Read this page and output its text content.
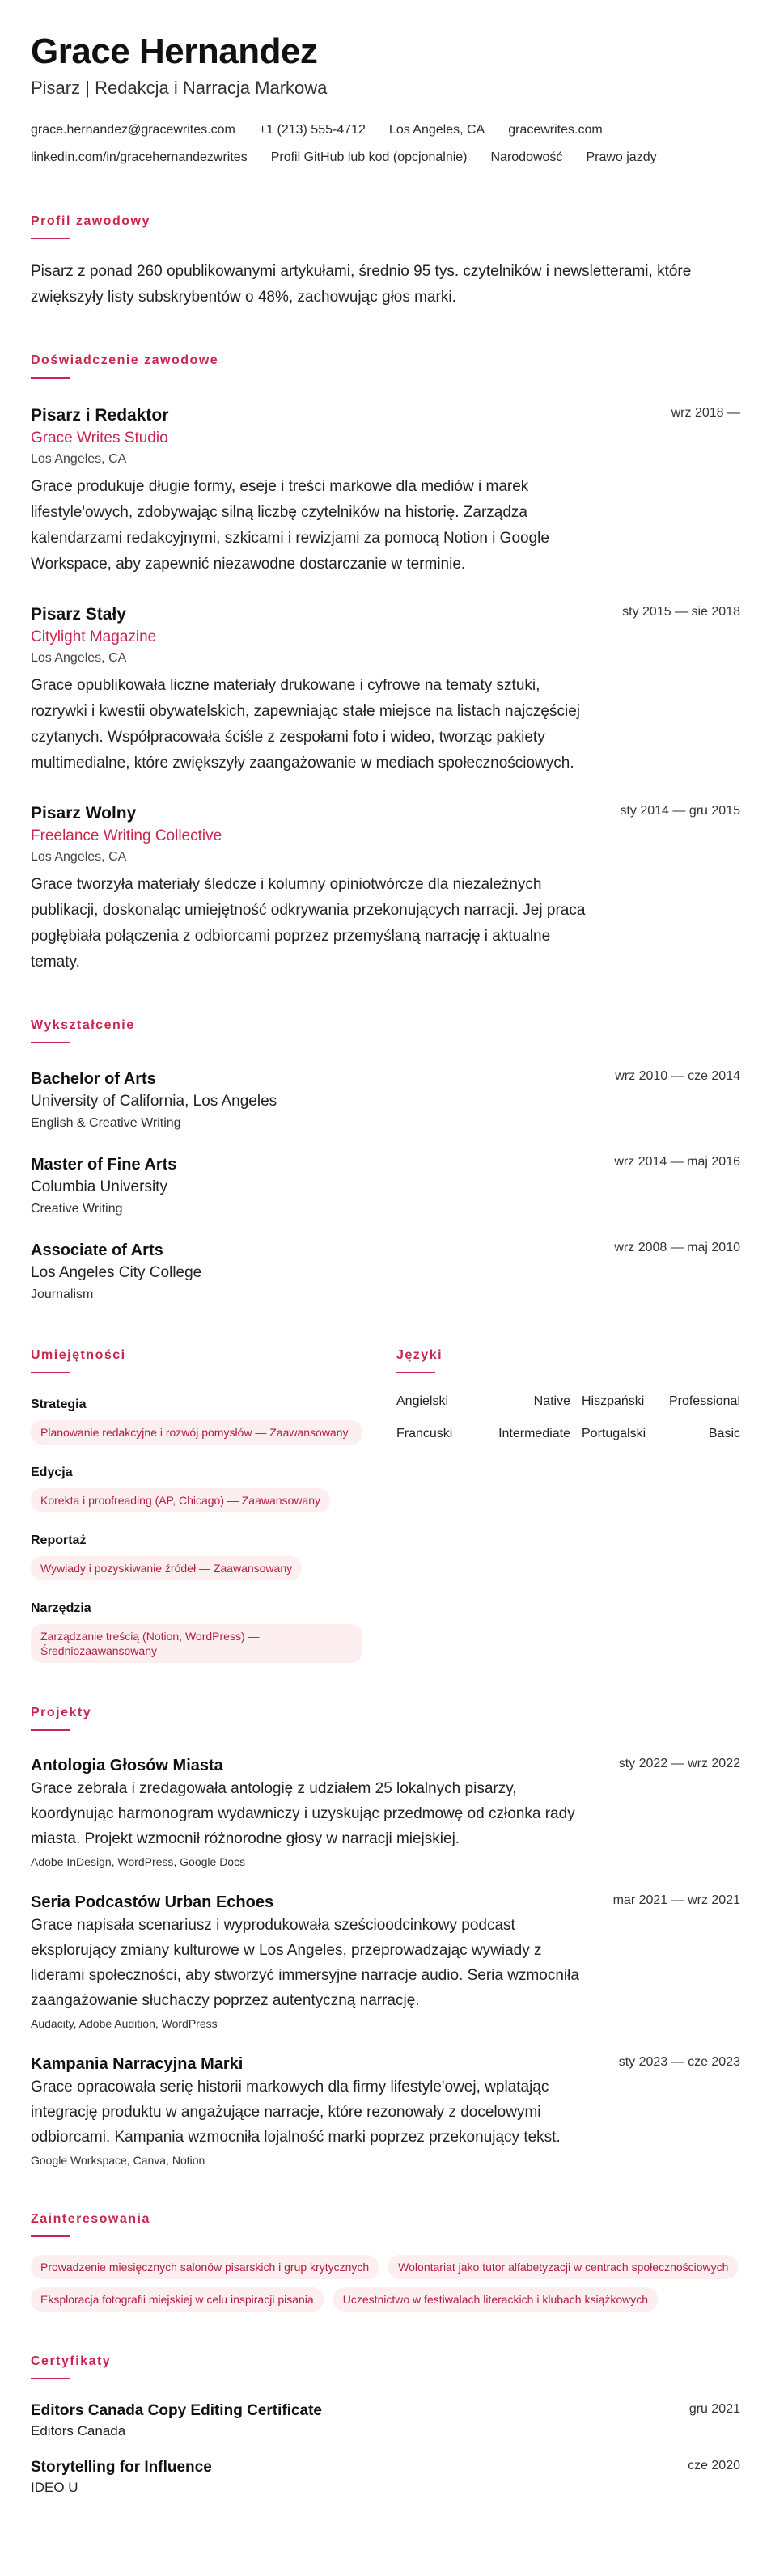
Grace Hernandez
Pisarz | Redakcja i Narracja Markowa
grace.hernandez@gracewrites.com +1 (213) 555-4712 Los Angeles, CA gracewrites.com
linkedin.com/in/gracehernandezwrites Profil GitHub lub kod (opcjonalnie) Narodowość Prawo jazdy
Profil zawodowy

Pisarz z ponad 260 opublikowanymi artykułami, średnio 95 tys. czytelników i newsletterami, które zwiększyły listy subskrybentów o 48%, zachowując głos marki.

Doświadczenie zawodowe
wrz 2018 —
Pisarz i Redaktor
Grace Writes Studio
Los Angeles, CA

Grace produkuje długie formy, eseje i treści markowe dla mediów i marek lifestyle'owych, zdobywając silną liczbę czytelników na historię. Zarządza kalendarzami redakcyjnymi, szkicami i rewizjami za pomocą Notion i Google Workspace, aby zapewnić niezawodne dostarczanie w terminie.

sty 2015 — sie 2018
Pisarz Stały
Citylight Magazine
Los Angeles, CA

Grace opublikowała liczne materiały drukowane i cyfrowe na tematy sztuki, rozrywki i kwestii obywatelskich, zapewniając stałe miejsce na listach najczęściej czytanych. Współpracowała ściśle z zespołami foto i wideo, tworząc pakiety multimedialne, które zwiększyły zaangażowanie w mediach społecznościowych.

sty 2014 — gru 2015
Pisarz Wolny
Freelance Writing Collective
Los Angeles, CA

Grace tworzyła materiały śledcze i kolumny opiniotwórcze dla niezależnych publikacji, doskonaląc umiejętność odkrywania przekonujących narracji. Jej praca pogłębiała połączenia z odbiorcami poprzez przemyślaną narrację i aktualne tematy.

Wykształcenie
wrz 2010 — cze 2014
Bachelor of Arts
University of California, Los Angeles
English & Creative Writing
wrz 2014 — maj 2016
Master of Fine Arts
Columbia University
Creative Writing
wrz 2008 — maj 2010
Associate of Arts
Los Angeles City College
Journalism
Umiejętności
Strategia
Planowanie redakcyjne i rozwój pomysłów — Zaawansowany
Edycja
Korekta i proofreading (AP, Chicago) — Zaawansowany
Reportaż
Wywiady i pozyskiwanie źródeł — Zaawansowany
Narzędzia
Zarządzanie treścią (Notion, WordPress) — Średniozaawansowany
Języki
Angielski	Native Hiszpański	Professional
Francuski	Intermediate Portugalski	Basic
Projekty
sty 2022 — wrz 2022
Antologia Głosów Miasta

Grace zebrała i zredagowała antologię z udziałem 25 lokalnych pisarzy, koordynując harmonogram wydawniczy i uzyskując przedmowę od członka rady miasta. Projekt wzmocnił różnorodne głosy w narracji miejskiej.

Adobe InDesign, WordPress, Google Docs
mar 2021 — wrz 2021
Seria Podcastów Urban Echoes

Grace napisała scenariusz i wyprodukowała sześcioodcinkowy podcast eksplorujący zmiany kulturowe w Los Angeles, przeprowadzając wywiady z liderami społeczności, aby stworzyć immersyjne narracje audio. Seria wzmocniła zaangażowanie słuchaczy poprzez autentyczną narrację.

Audacity, Adobe Audition, WordPress
sty 2023 — cze 2023
Kampania Narracyjna Marki

Grace opracowała serię historii markowych dla firmy lifestyle'owej, wplatając integrację produktu w angażujące narracje, które rezonowały z docelowymi odbiorcami. Kampania wzmocniła lojalność marki poprzez przekonujący tekst.

Google Workspace, Canva, Notion
Zainteresowania
Prowadzenie miesięcznych salonów pisarskich i grup krytycznych	Wolontariat jako tutor alfabetyzacji w centrach społecznościowych
Eksploracja fotografii miejskiej w celu inspiracji pisania	Uczestnictwo w festiwalach literackich i klubach książkowych
Certyfikaty
gru 2021
Editors Canada Copy Editing Certificate
Editors Canada
cze 2020
Storytelling for Influence
IDEO U
